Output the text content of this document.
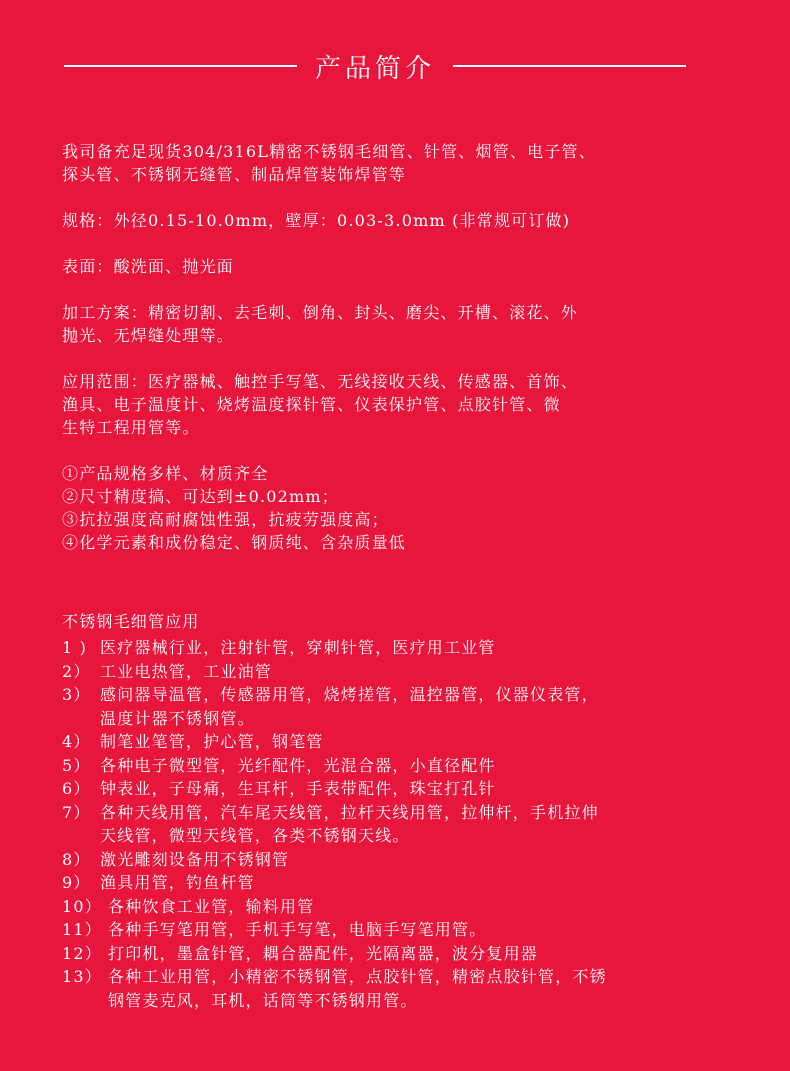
产品简介

我司备充足现货304/316L精密不锈钢毛细管、针管、烟管、电子管、

探头管、不锈钢无缝管、制品焊管装饰焊管等

规格：外径0.15-10.0mm，壁厚：0.03-3.0mm (非常规可订做)

表面：酸洗面、抛光面

加工方案：精密切割、去毛刺、倒角、封头、磨尖、开槽、滚花、外

抛光、无焊缝处理等。

应用范围：医疗器械、触控手写笔、无线接收天线、传感器、首饰、

渔具、电子温度计、烧烤温度探针管、仪表保护管、点胶针管、微

生特工程用管等。

①产品规格多样、材质齐全

②尺寸精度搞、可达到±0.02mm；

③抗拉强度高耐腐蚀性强，抗疲劳强度高；

④化学元素和成份稳定、钢质纯、含杂质量低

不锈钢毛细管应用

1 ) 医疗器械行业，注射针管，穿刺针管，医疗用工业管

2） 工业电热管，工业油管

3） 感问器导温管，传感器用管，烧烤搓管，温控器管，仪器仪表管，

温度计器不锈钢管。

4） 制笔业笔管，护心管，钢笔管

5） 各种电子微型管，光纤配件，光混合器，小直径配件

6） 钟表业，子母痛，生耳杆，手表带配件，珠宝打孔针

7） 各种天线用管，汽车尾天线管，拉杆天线用管，拉伸杆，手机拉伸

天线管，微型天线管，各类不锈钢天线。

8） 激光雕刻设备用不锈钢管

9） 渔具用管，钓鱼杆管

10） 各种饮食工业管，输料用管

11） 各种手写笔用管，手机手写笔，电脑手写笔用管。

12） 打印机，墨盒针管，耦合器配件，光隔离器，波分复用器

13） 各种工业用管，小精密不锈钢管，点胶针管，精密点胶针管，不锈

钢管麦克风，耳机，话筒等不锈钢用管。
